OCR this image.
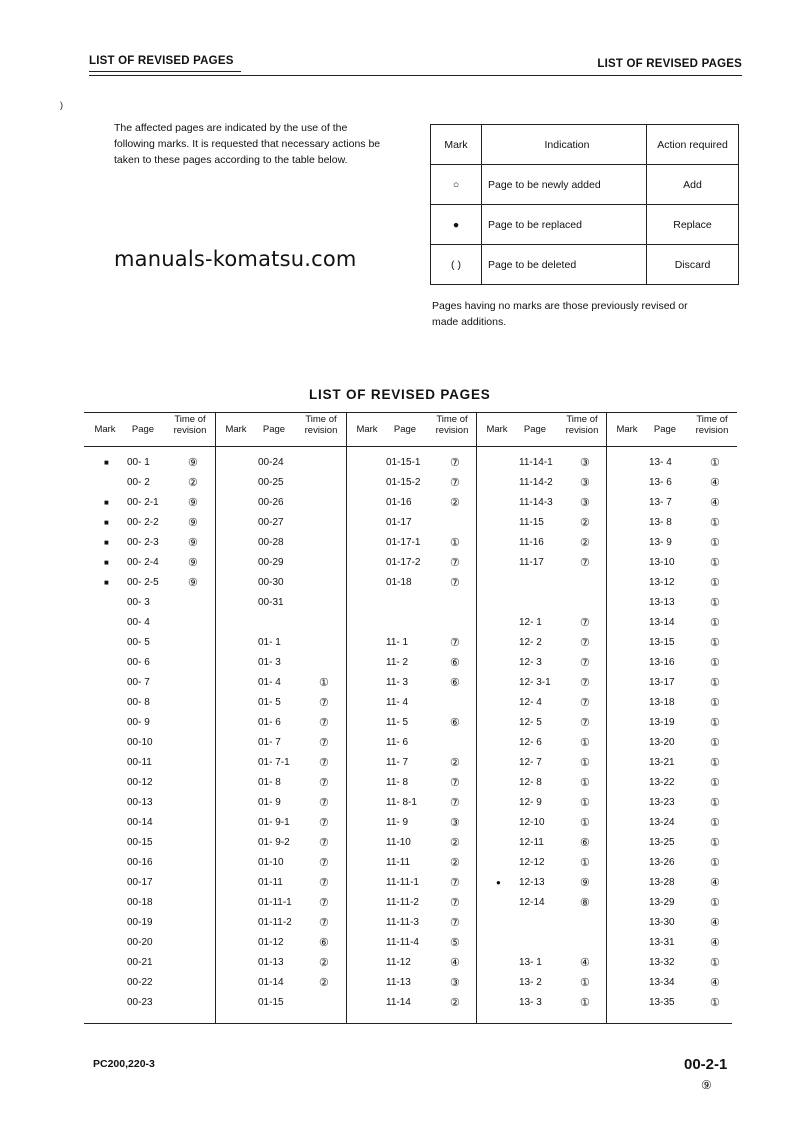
)
LIST OF REVISED PAGES	LIST OF REVISED PAGES

The affected pages are indicated by the use of the

following marks. It is requested that necessary actions be

taken to these pages according to the table below.

manuals-komatsu.com
Mark	Indication	Action required
○	Page to be newly added	Add
●	Page to be replaced	Replace
( )	Page to be deleted	Discard
Pages having no marks are those previously revised or
made additions.
LIST OF REVISED PAGES
Mark	Page
Time of
revision
■ 00- 1	⑨
00- 2	②
■ 00- 2-1	⑨
■ 00- 2-2	⑨
■ 00- 2-3	⑨
■ 00- 2-4	⑨
■ 00- 2-5	⑨
00- 3
00- 4
00- 5
00- 6
00- 7
00- 8
00- 9
00-10
00-11
00-12
00-13
00-14
00-15
00-16
00-17
00-18
00-19
00-20
00-21
00-22
00-23
Mark	Page
Time of
revision
00-24
00-25
00-26
00-27
00-28
00-29
00-30
00-31
01- 1
01- 3
01- 4	①
01- 5	⑦
01- 6	⑦
01- 7	⑦
01- 7-1	⑦
01- 8	⑦
01- 9	⑦
01- 9-1	⑦
01- 9-2	⑦
01-10	⑦
01-11	⑦
01-11-1 ⑦
01-11-2 ⑦
01-12	⑥
01-13	②
01-14	②
01-15
Mark	Page
Time of
revision
01-15-1	⑦
01-15-2	⑦
01-16	②
01-17
01-17-1	①
01-17-2	⑦
01-18	⑦
11- 1	⑦
11- 2	⑥
11- 3	⑥
11- 4
11- 5	⑥
11- 6
11- 7	②
11- 8	⑦
11- 8-1	⑦
11- 9	③
11-10	②
11-11	②
11-11-1	⑦
11-11-2	⑦
11-11-3	⑦
11-11-4	⑤
11-12	④
11-13	③
11-14	②
Mark	Page
Time of
revision
11-14-1 ③
11-14-2 ③
11-14-3 ③
11-15	②
11-16	②
11-17	⑦
12- 1	⑦
12- 2	⑦
12- 3	⑦
12- 3-1	⑦
12- 4	⑦
12- 5	⑦
12- 6	①
12- 7	①
12- 8	①
12- 9	①
12-10	①
12-11	⑥
12-12	①
● 12-13	⑨
12-14	⑧
13- 1	④
13- 2	①
13- 3	①
Mark	Page
Time of
revision
13- 4	①
13- 6	④
13- 7	④
13- 8	①
13- 9	①
13-10	①
13-12	①
13-13	①
13-14	①
13-15	①
13-16	①
13-17	①
13-18	①
13-19	①
13-20	①
13-21	①
13-22	①
13-23	①
13-24	①
13-25	①
13-26	①
13-28	④
13-29	①
13-30	④
13-31	④
13-32	①
13-34	④
13-35	①
PC200,220-3	00-2-1
⑨
